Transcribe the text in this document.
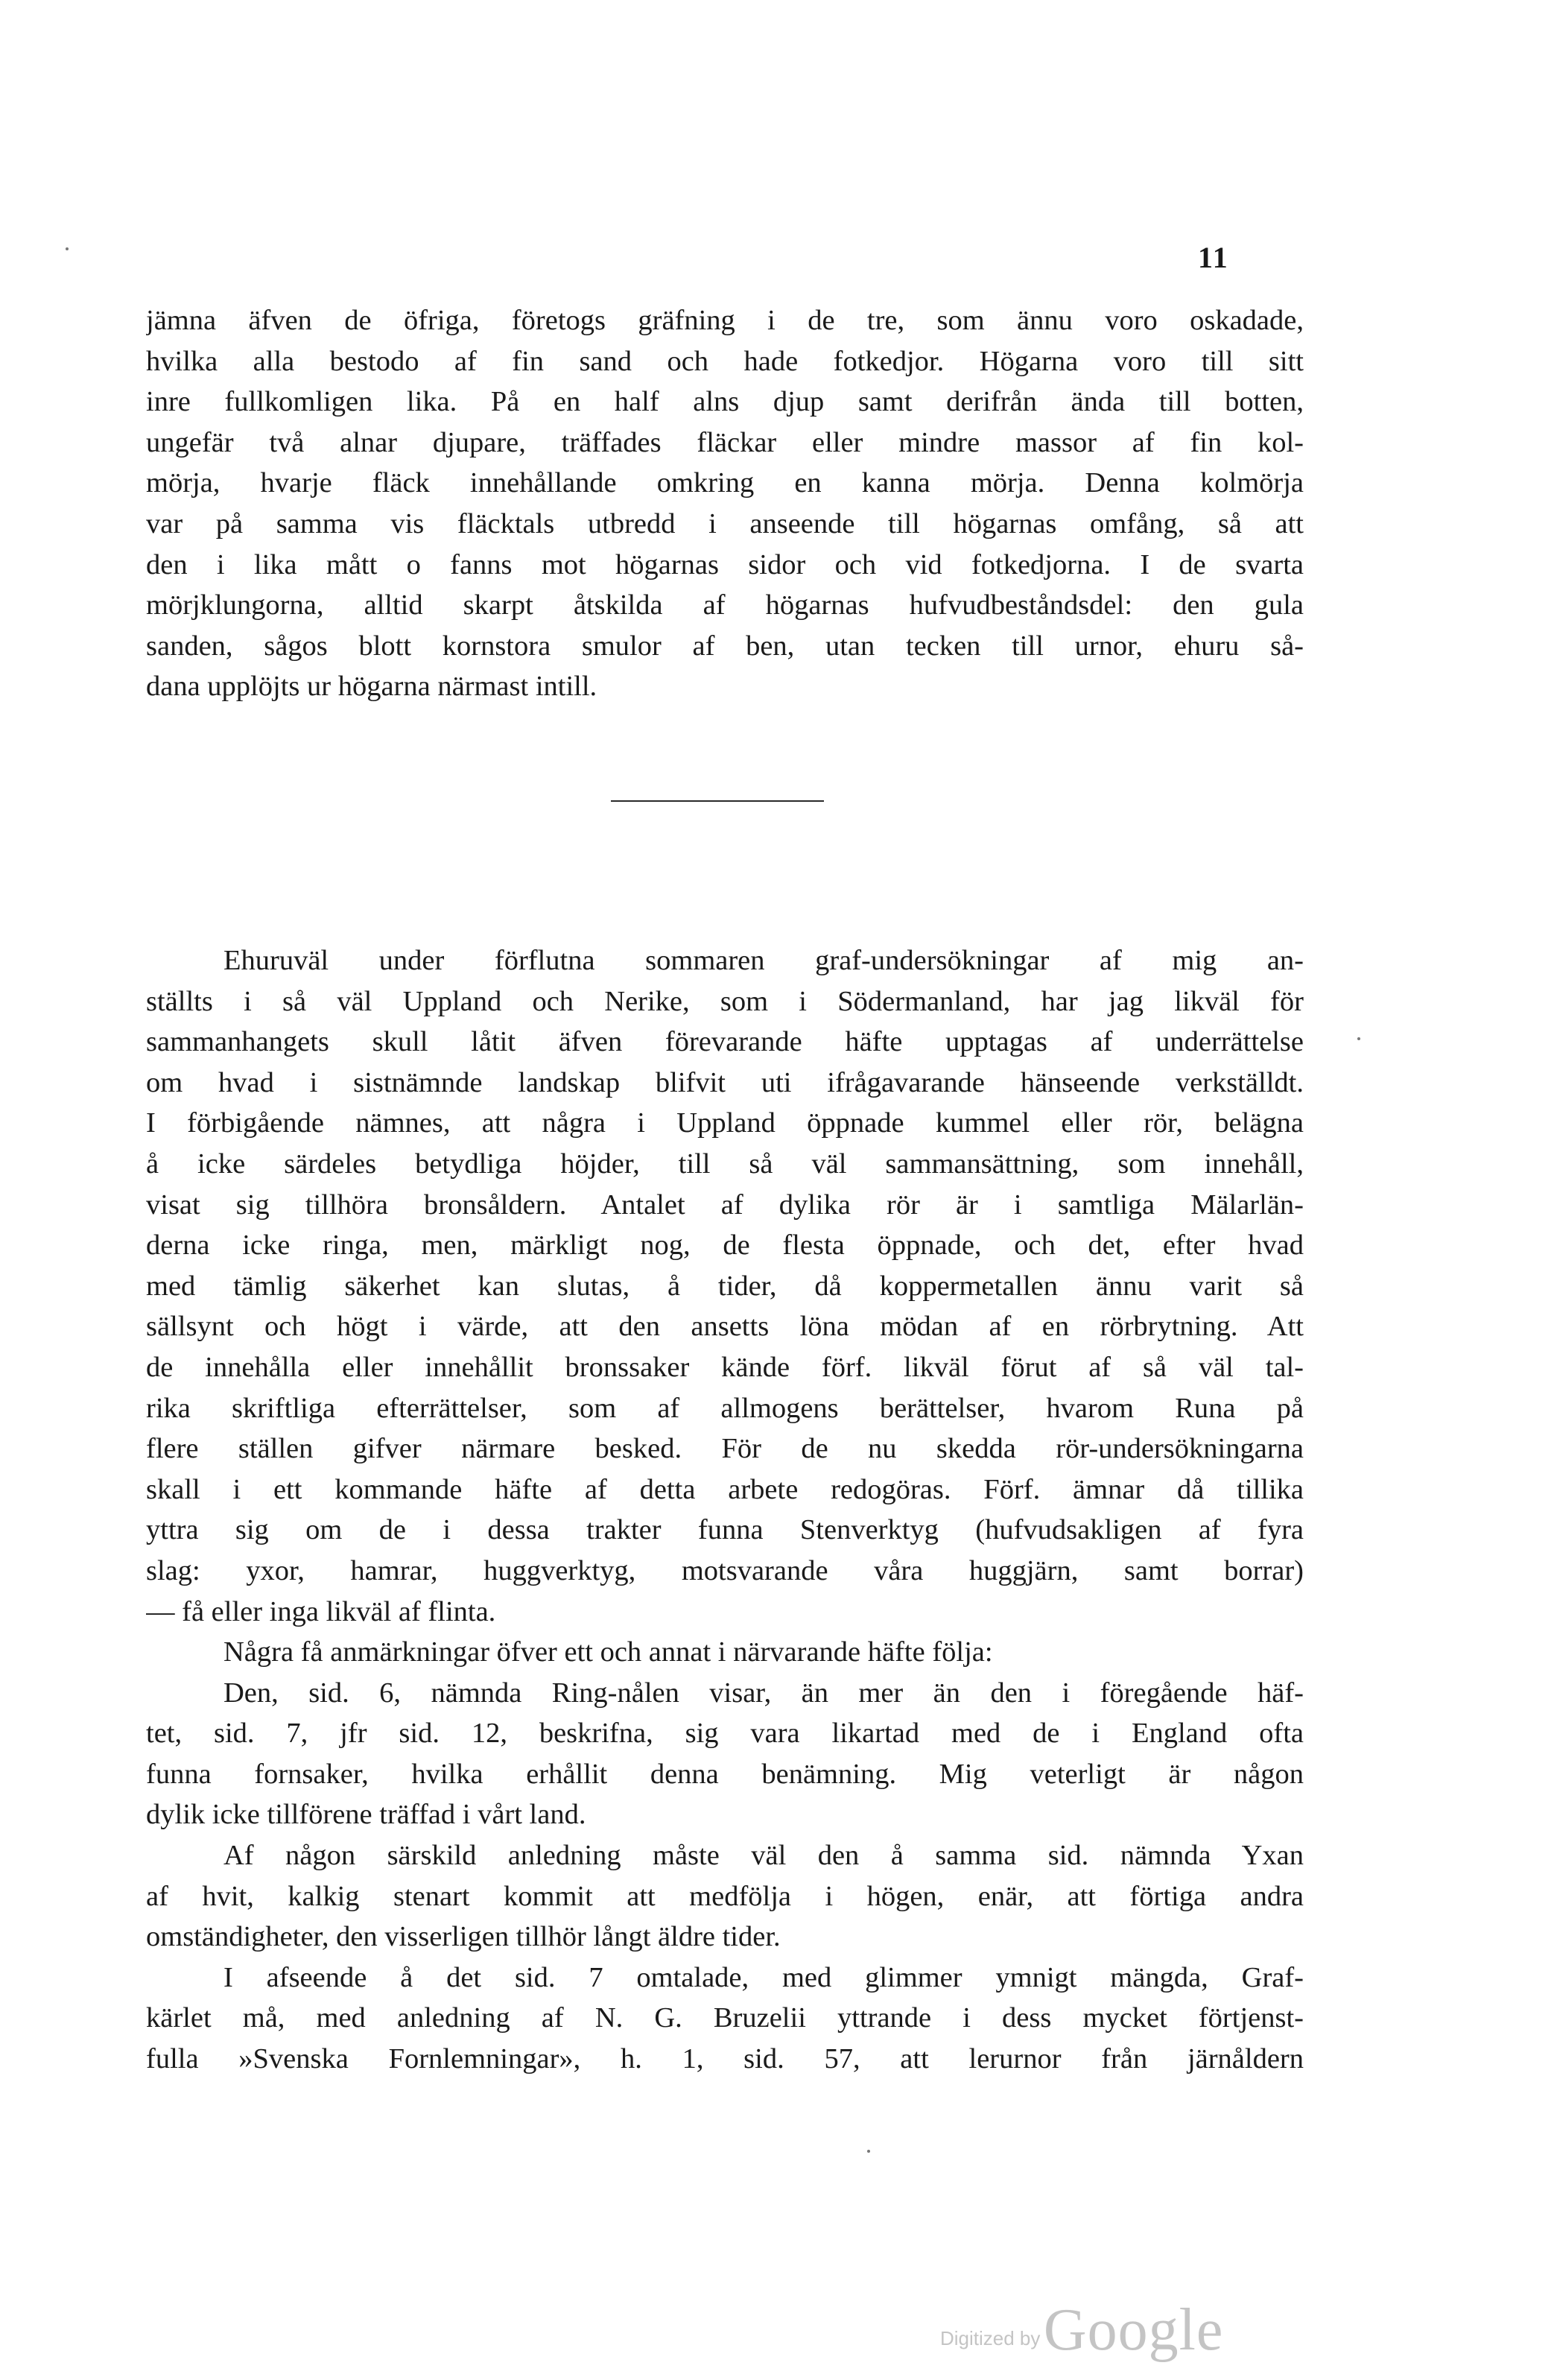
11
jämna äfven de öfriga, företogs gräfning i de tre, som ännu voro oskadade,
hvilka alla bestodo af fin sand och hade fotkedjor. Högarna voro till sitt
inre fullkomligen lika. På en half alns djup samt derifrån ända till botten,
ungefär två alnar djupare, träffades fläckar eller mindre massor af fin kol-
mörja, hvarje fläck innehållande omkring en kanna mörja. Denna kolmörja
var på samma vis fläcktals utbredd i anseende till högarnas omfång, så att
den i lika mått o fanns mot högarnas sidor och vid fotkedjorna. I de svarta
mörjklungorna, alltid skarpt åtskilda af högarnas hufvudbeståndsdel: den gula
sanden, sågos blott kornstora smulor af ben, utan tecken till urnor, ehuru så-
dana upplöjts ur högarna närmast intill.
Ehuruväl under förflutna sommaren graf-undersökningar af mig an-
ställts i så väl Uppland och Nerike, som i Södermanland, har jag likväl för
sammanhangets skull låtit äfven förevarande häfte upptagas af underrättelse
om hvad i sistnämnde landskap blifvit uti ifrågavarande hänseende verkställdt.
I förbigående nämnes, att några i Uppland öppnade kummel eller rör, belägna
å icke särdeles betydliga höjder, till så väl sammansättning, som innehåll,
visat sig tillhöra bronsåldern. Antalet af dylika rör är i samtliga Mälarlän-
derna icke ringa, men, märkligt nog, de flesta öppnade, och det, efter hvad
med tämlig säkerhet kan slutas, å tider, då koppermetallen ännu varit så
sällsynt och högt i värde, att den ansetts löna mödan af en rörbrytning. Att
de innehålla eller innehållit bronssaker kände förf. likväl förut af så väl tal-
rika skriftliga efterrättelser, som af allmogens berättelser, hvarom Runa på
flere ställen gifver närmare besked. För de nu skedda rör-undersökningarna
skall i ett kommande häfte af detta arbete redogöras. Förf. ämnar då tillika
yttra sig om de i dessa trakter funna Stenverktyg (hufvudsakligen af fyra
slag: yxor, hamrar, huggverktyg, motsvarande våra huggjärn, samt borrar)
— få eller inga likväl af flinta.
Några få anmärkningar öfver ett och annat i närvarande häfte följa:
Den, sid. 6, nämnda Ring-nålen visar, än mer än den i föregående häf-
tet, sid. 7, jfr sid. 12, beskrifna, sig vara likartad med de i England ofta
funna fornsaker, hvilka erhållit denna benämning. Mig veterligt är någon
dylik icke tillförene träffad i vårt land.
Af någon särskild anledning måste väl den å samma sid. nämnda Yxan
af hvit, kalkig stenart kommit att medfölja i högen, enär, att förtiga andra
omständigheter, den visserligen tillhör långt äldre tider.
I afseende å det sid. 7 omtalade, med glimmer ymnigt mängda, Graf-
kärlet må, med anledning af N. G. Bruzelii yttrande i dess mycket förtjenst-
fulla »Svenska Fornlemningar», h. 1, sid. 57, att lerurnor från järnåldern
Digitized by Google
